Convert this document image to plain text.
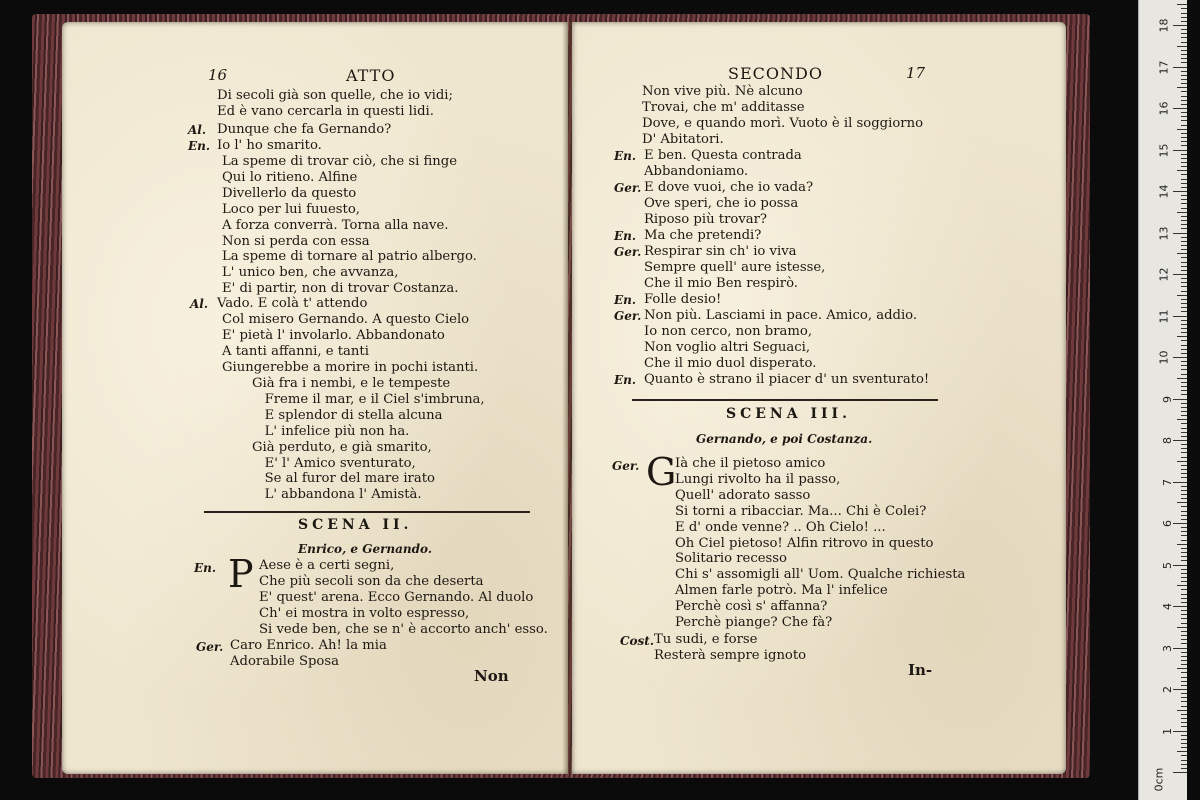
16	ATTO
Di secoli già son quelle, che io vidi;
Ed è vano cercarla in questi lidi.
Al. Dunque che fa Gernando?
En. Io l' ho smarito.
La speme di trovar ciò, che si finge
Qui lo ritieno. Alfine
Divellerlo da questo
Loco per lui fuuesto,
A forza converrà. Torna alla nave.
Non si perda con essa
La speme di tornare al patrio albergo.
L' unico ben, che avvanza,
E' di partir, non di trovar Costanza.
Al. Vado. E colà t' attendo
Col misero Gernando. A questo Cielo
E' pietà l' involarlo. Abbandonato
A tanti affanni, e tanti
Giungerebbe a morire in pochi istanti.
Già fra i nembi, e le tempeste
Freme il mar, e il Ciel s'imbruna,
E splendor di stella alcuna
L' infelice più non ha.
Già perduto, e già smarito,
E' l' Amico sventurato,
Se al furor del mare irato
L' abbandona l' Amistà.
SCENA II.
Enrico, e Gernando.
En. P Aese è a certi segni,
Che più secoli son da che deserta
E' quest' arena. Ecco Gernando. Al duolo
Ch' ei mostra in volto espresso,
Si vede ben, che se n' è accorto anch' esso.
Ger. Caro Enrico. Ah! la mia
Adorabile Sposa
Non
SECONDO	17
Non vive più. Nè alcuno
Trovai, che m' additasse
Dove, e quando morì. Vuoto è il soggiorno
D' Abitatori.
En. E ben. Questa contrada
Abbandoniamo.
Ger. E dove vuoi, che io vada?
Ove speri, che io possa
Riposo più trovar?
En. Ma che pretendi?
Ger. Respirar sin ch' io viva
Sempre quell' aure istesse,
Che il mio Ben respirò.
En. Folle desio!
Ger. Non più. Lasciami in pace. Amico, addio.
Io non cerco, non bramo,
Non voglio altri Seguaci,
Che il mio duol disperato.
En. Quanto è strano il piacer d' un sventurato!
SCENA III.
Gernando, e poi Costanza.
Ger. G
Ià che il pietoso amico
Lungi rivolto ha il passo,
Quell' adorato sasso
Si torni a ribacciar. Ma... Chi è Colei?
E d' onde venne? .. Oh Cielo! ...
Oh Ciel pietoso! Alfin ritrovo in questo
Solitario recesso
Chi s' assomigli all' Uom. Qualche richiesta
Almen farle potrò. Ma l' infelice
Perchè così s' affanna?
Perchè piange? Che fà?
Cost. Tu sudi, e forse
Resterà sempre ignoto
In-
0cm
1
2
3
4
5
6
7
8
9
10
11
12
13
14
15
16
17
18
